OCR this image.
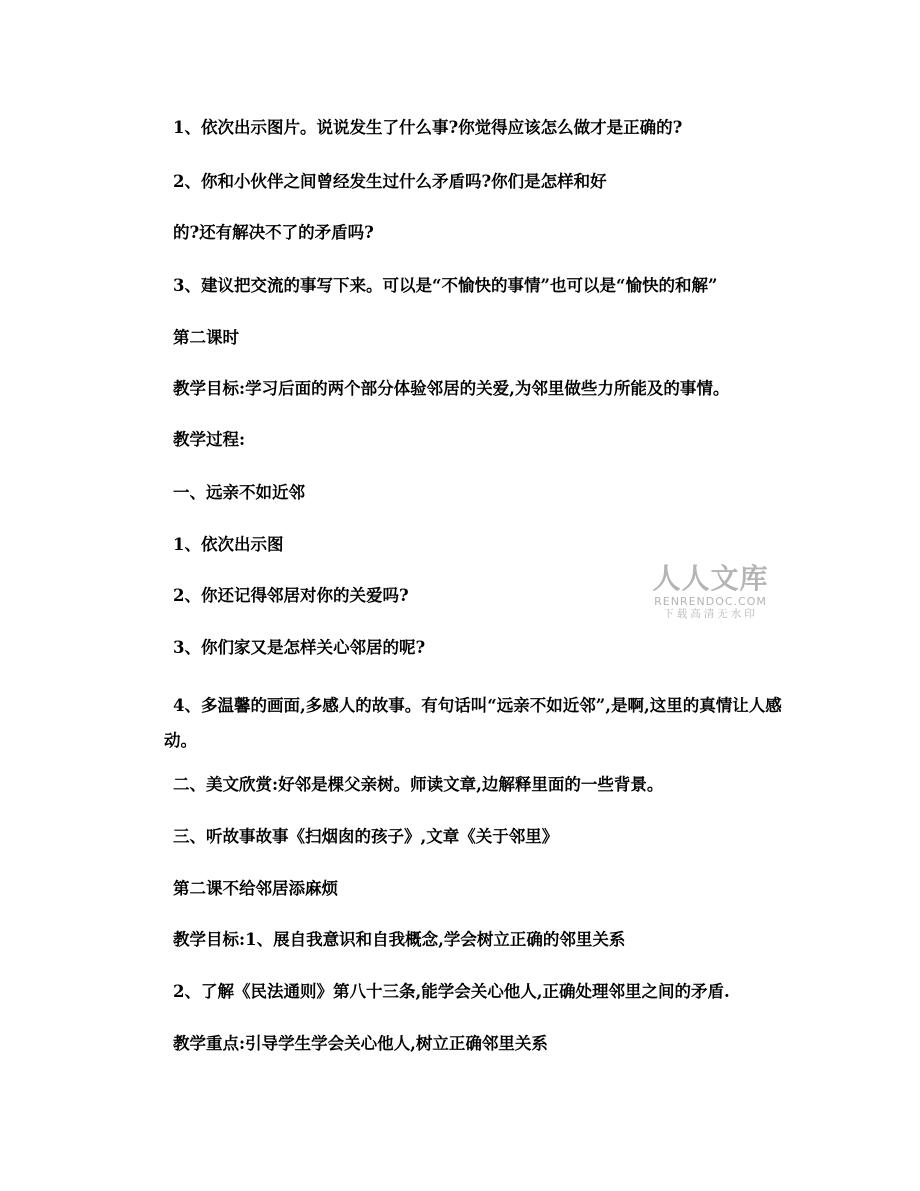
1、依次出示图片。说说发生了什么事?你觉得应该怎么做才是正确的?
2、你和小伙伴之间曾经发生过什么矛盾吗?你们是怎样和好
的?还有解决不了的矛盾吗?
3、建议把交流的事写下来。可以是“不愉快的事情”也可以是“愉快的和解”
第二课时
教学目标:学习后面的两个部分体验邻居的关爱,为邻里做些力所能及的事情。
教学过程:
一、远亲不如近邻
1、依次出示图
2、你还记得邻居对你的关爱吗?
3、你们家又是怎样关心邻居的呢?
4、多温馨的画面,多感人的故事。有句话叫“远亲不如近邻”,是啊,这里的真情让人感动。
二、美文欣赏:好邻是棵父亲树。师读文章,边解释里面的一些背景。
三、听故事故事《扫烟囱的孩子》,文章《关于邻里》
第二课不给邻居添麻烦
教学目标:1、展自我意识和自我概念,学会树立正确的邻里关系
2、了解《民法通则》第八十三条,能学会关心他人,正确处理邻里之间的矛盾.
教学重点:引导学生学会关心他人,树立正确邻里关系
人人文库
RENRENDOC.COM
下载高清无水印
